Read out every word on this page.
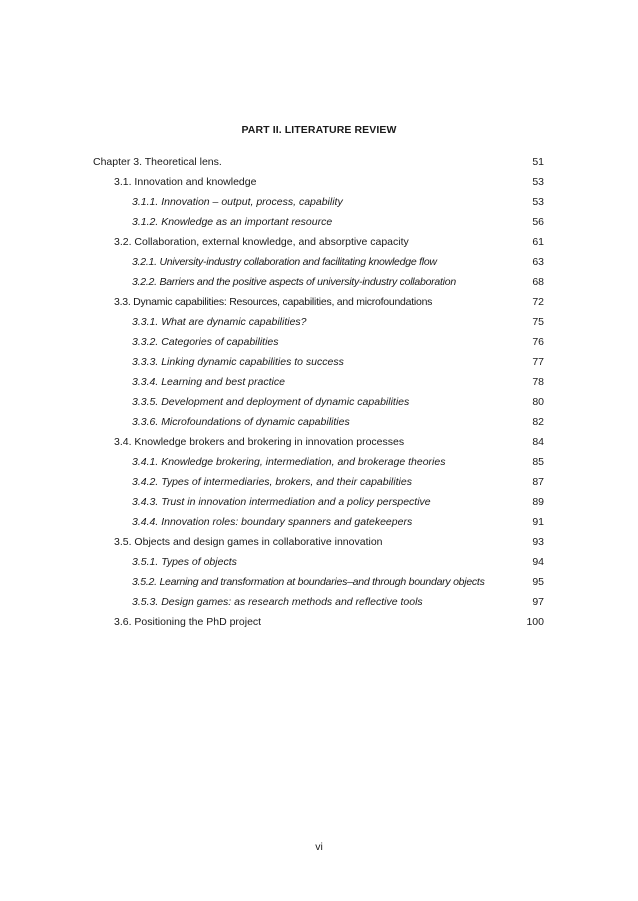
PART II. LITERATURE REVIEW
Chapter 3. Theoretical lens.	51
3.1. Innovation and knowledge	53
3.1.1. Innovation – output, process, capability	53
3.1.2. Knowledge as an important resource	56
3.2. Collaboration, external knowledge, and absorptive capacity	61
3.2.1. University-industry collaboration and facilitating knowledge flow	63
3.2.2. Barriers and the positive aspects of university-industry collaboration	68
3.3. Dynamic capabilities: Resources, capabilities, and microfoundations	72
3.3.1. What are dynamic capabilities?	75
3.3.2. Categories of capabilities	76
3.3.3. Linking dynamic capabilities to success	77
3.3.4. Learning and best practice	78
3.3.5. Development and deployment of dynamic capabilities	80
3.3.6. Microfoundations of dynamic capabilities	82
3.4. Knowledge brokers and brokering in innovation processes	84
3.4.1. Knowledge brokering, intermediation, and brokerage theories	85
3.4.2. Types of intermediaries, brokers, and their capabilities	87
3.4.3. Trust in innovation intermediation and a policy perspective	89
3.4.4. Innovation roles: boundary spanners and gatekeepers	91
3.5. Objects and design games in collaborative innovation	93
3.5.1. Types of objects	94
3.5.2. Learning and transformation at boundaries–and through boundary objects	95
3.5.3. Design games: as research methods and reflective tools	97
3.6. Positioning the PhD project	100
vi
